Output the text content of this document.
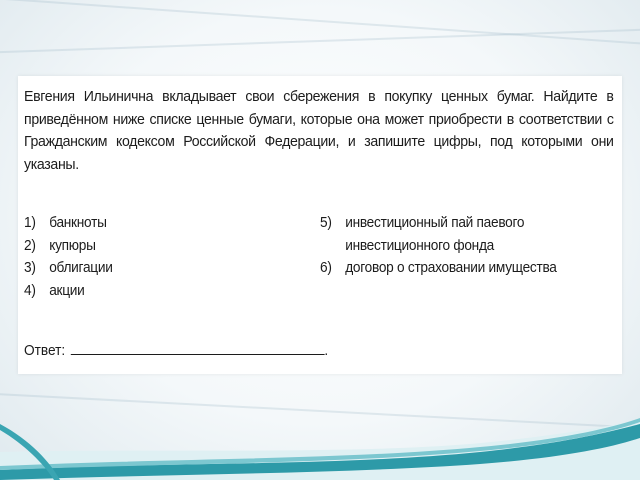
Евгения Ильинична вкладывает свои сбережения в покупку ценных бумаг. Найдите в приведённом ниже списке ценные бумаги, которые она может приобрести в соответствии с Гражданским кодексом Российской Федерации, и запишите цифры, под которыми они указаны.

1) банкноты
2) купюры
3) облигации
4) акции
5) инвестиционный пай паевого инвестиционного фонда
6) договор о страховании имущества
Ответ:	.
